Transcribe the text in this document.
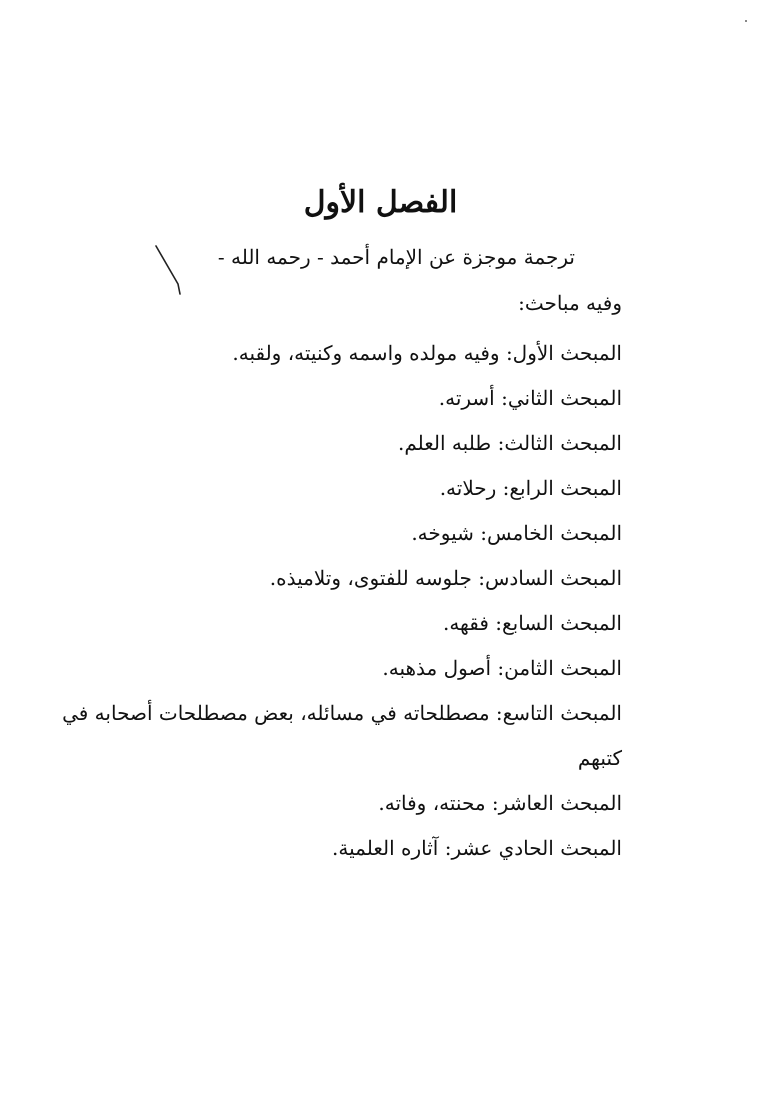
الفصل الأول

ترجمة موجزة عن الإمام أحمد - رحمه الله -

وفيه مباحث:

المبحث الأول: وفيه مولده واسمه وكنيته، ولقبه.
المبحث الثاني: أسرته.
المبحث الثالث: طلبه العلم.
المبحث الرابع: رحلاته.
المبحث الخامس: شيوخه.
المبحث السادس: جلوسه للفتوى، وتلاميذه.
المبحث السابع: فقهه.
المبحث الثامن: أصول مذهبه.
المبحث التاسع: مصطلحاته في مسائله، بعض مصطلحات أصحابه في كتبهم
المبحث العاشر: محنته، وفاته.
المبحث الحادي عشر: آثاره العلمية.
